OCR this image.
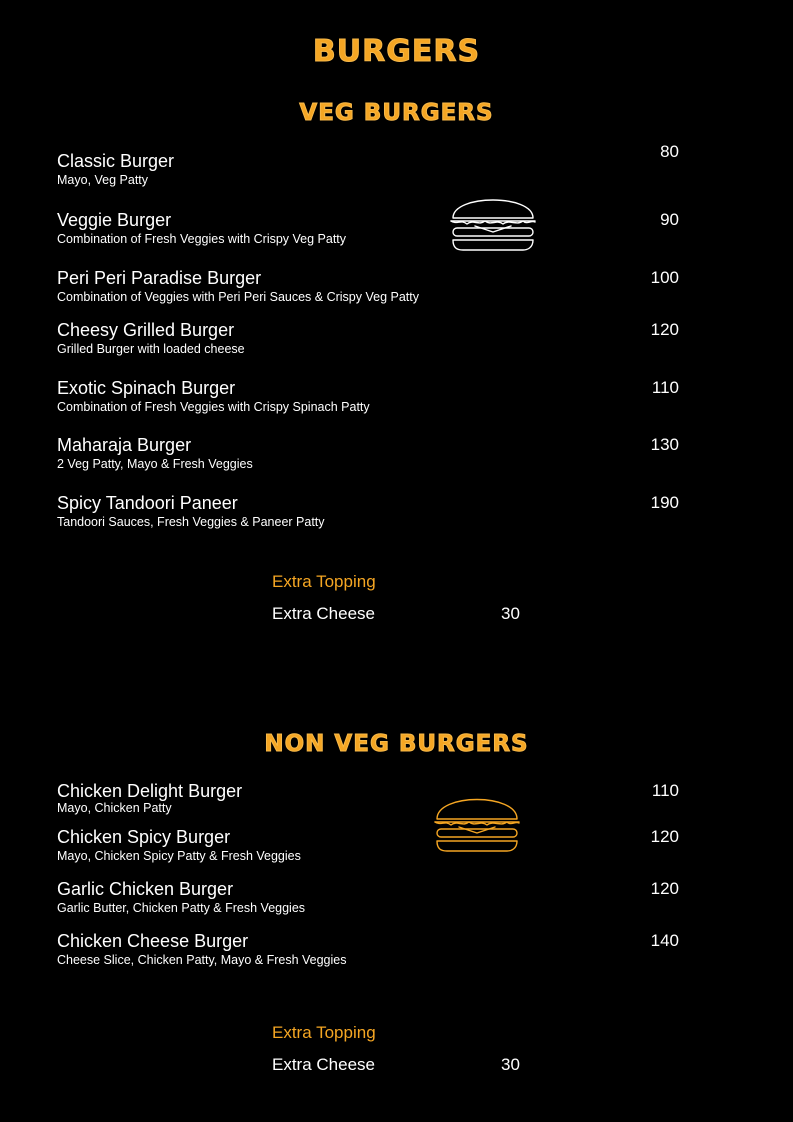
BURGERS
VEG BURGERS
Classic Burger
Mayo, Veg Patty
80
Veggie Burger
Combination of Fresh Veggies with Crispy Veg Patty
90
Peri Peri Paradise Burger
Combination of Veggies with Peri Peri Sauces & Crispy Veg Patty
100
Cheesy Grilled Burger
Grilled Burger with loaded cheese
120
Exotic Spinach Burger
Combination of Fresh Veggies with Crispy Spinach Patty
110
Maharaja Burger
2 Veg Patty, Mayo & Fresh Veggies
130
Spicy Tandoori Paneer
Tandoori Sauces, Fresh Veggies & Paneer Patty
190
Extra Topping
Extra Cheese	30
NON VEG BURGERS
Chicken Delight Burger
Mayo, Chicken Patty
110
Chicken Spicy Burger
Mayo, Chicken Spicy Patty & Fresh Veggies
120
Garlic Chicken Burger
Garlic Butter, Chicken Patty & Fresh Veggies
120
Chicken Cheese Burger
Cheese Slice, Chicken Patty, Mayo & Fresh Veggies
140
Extra Topping
Extra Cheese	30
